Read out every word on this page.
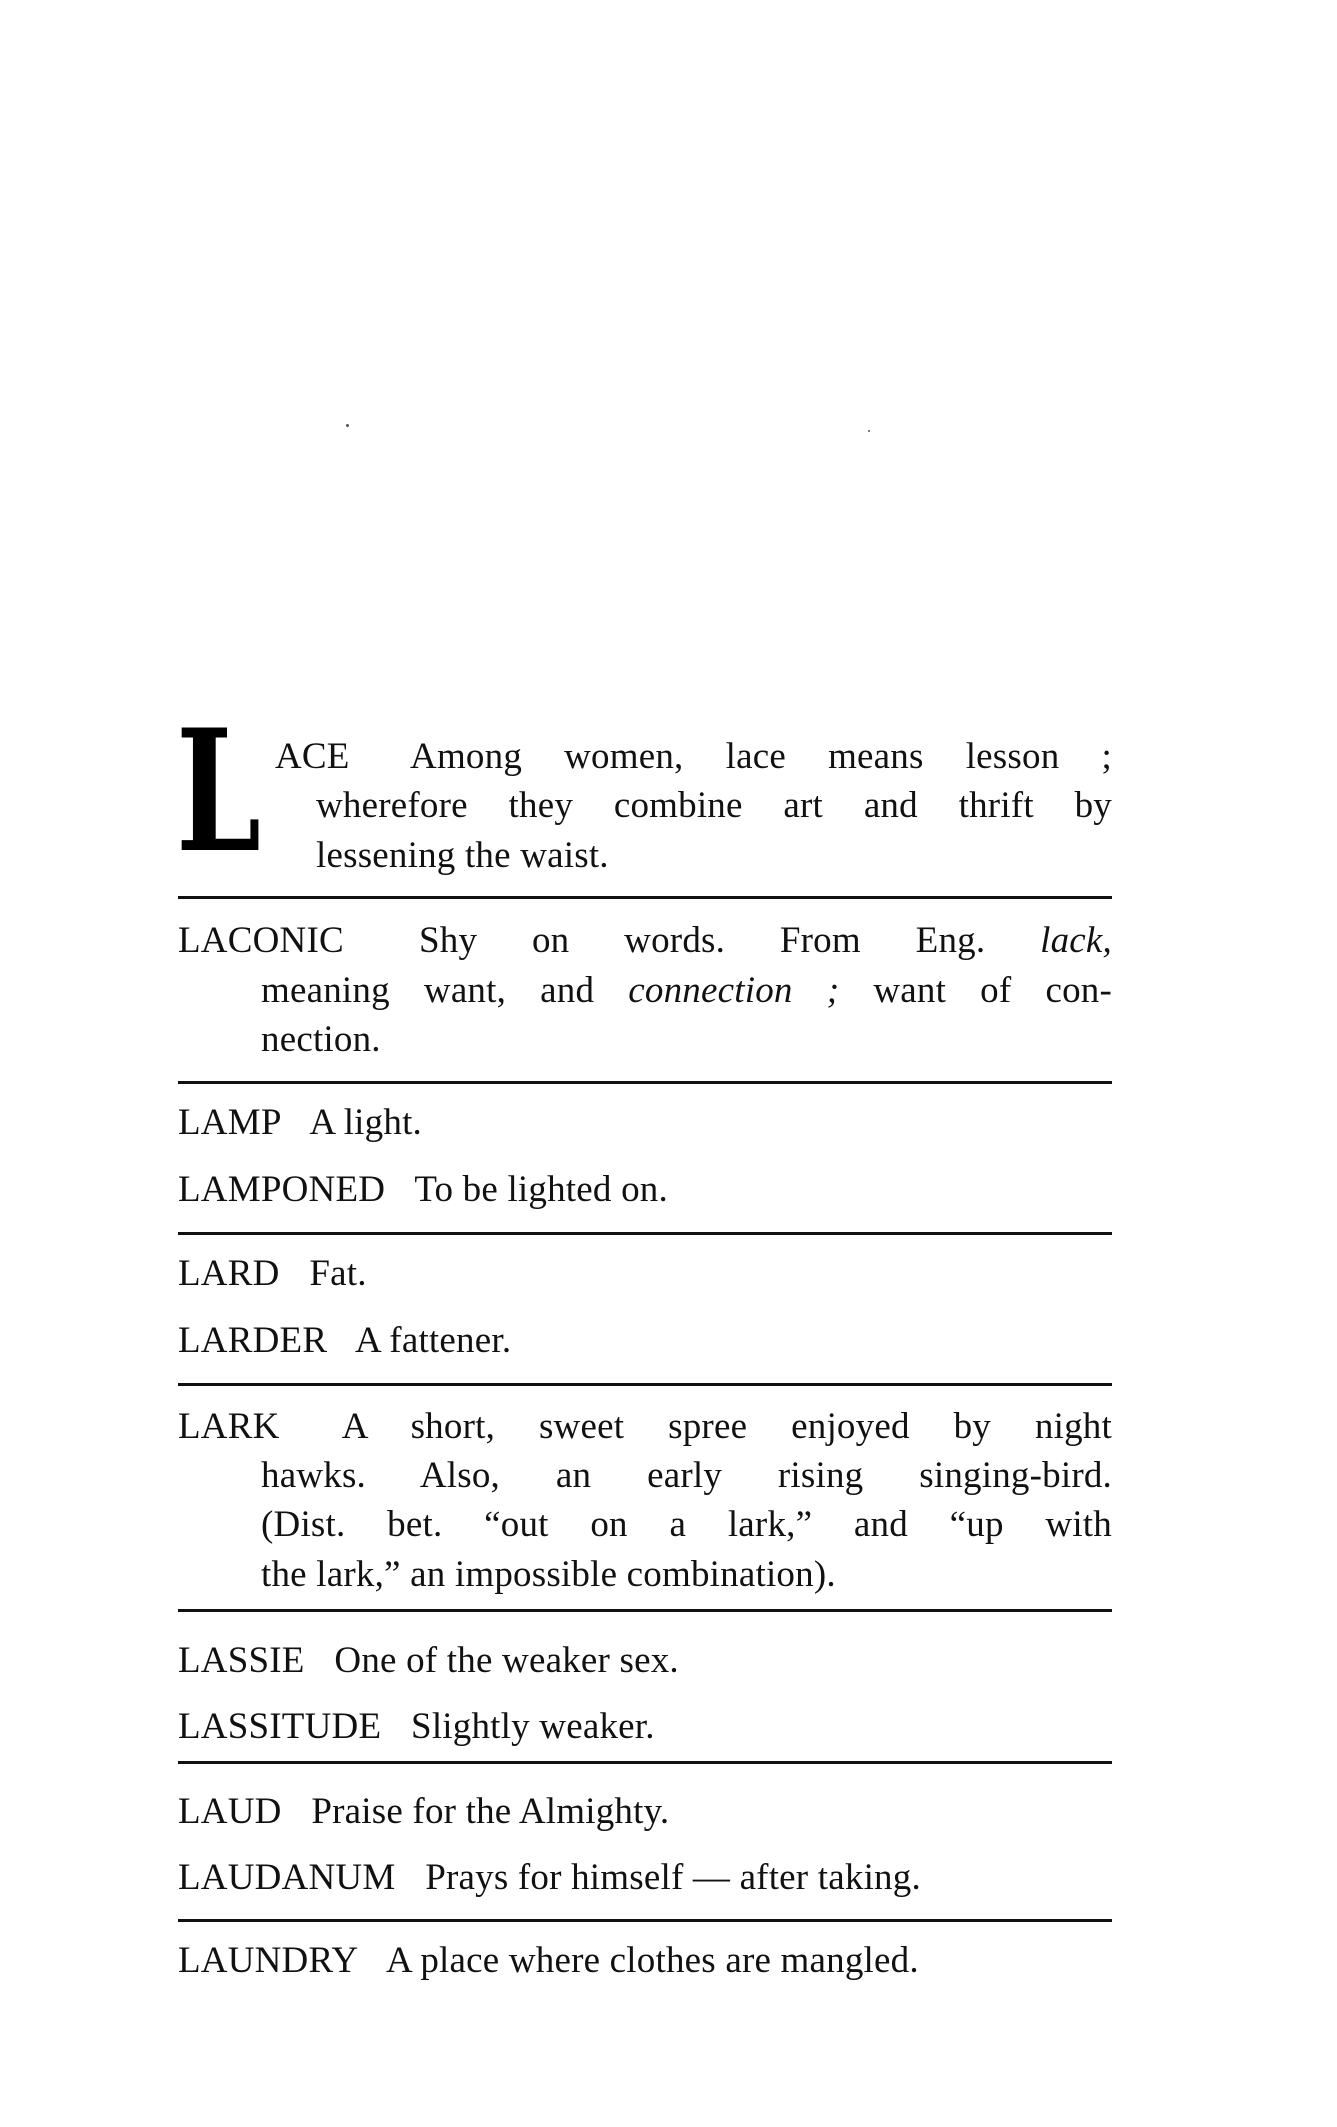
L ACE Among women, lace means lesson ;
wherefore they combine art and thrift by
lessening the waist.
LACONIC Shy on words. From Eng. lack,
meaning want, and connection ; want of con-
nection.
LAMP A light.
LAMPONED To be lighted on.
LARD Fat.
LARDER A fattener.
LARK A short, sweet spree enjoyed by night
hawks. Also, an early rising singing-bird.
(Dist. bet. “out on a lark,” and “up with
the lark,” an impossible combination).
LASSIE One of the weaker sex.
LASSITUDE Slightly weaker.
LAUD Praise for the Almighty.
LAUDANUM Prays for himself — after taking.
LAUNDRY A place where clothes are mangled.
